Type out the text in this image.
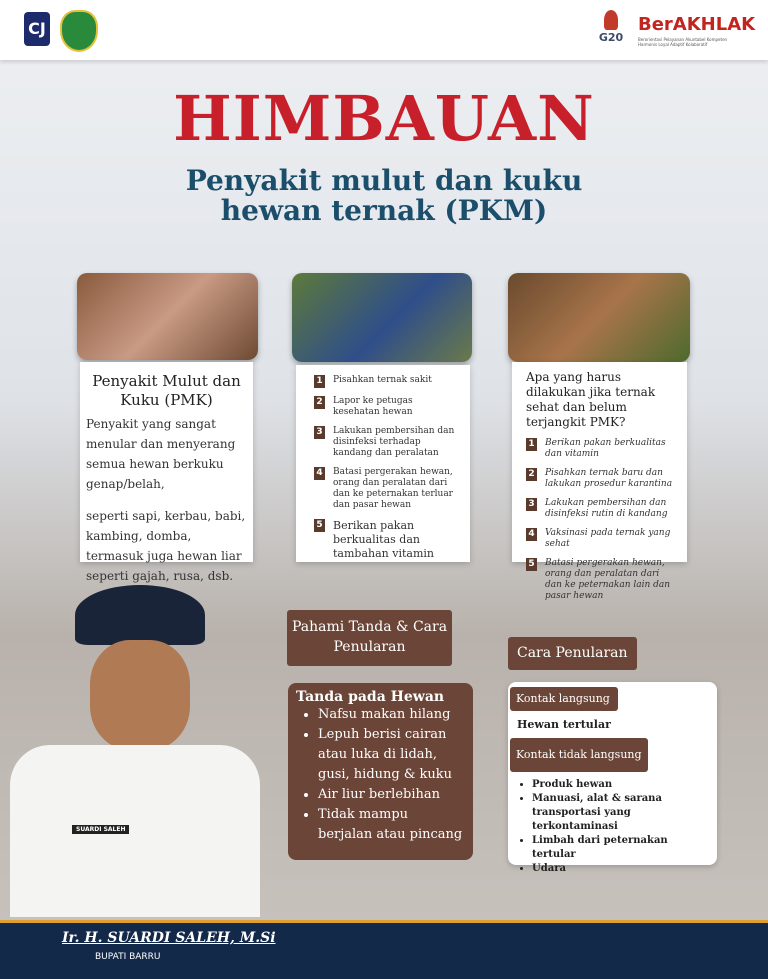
CJ	G20
BerAKHLAK
Berorientasi Pelayanan Akuntabel Kompeten Harmonis Loyal Adaptif Kolaboratif
HIMBAUAN
Penyakit mulut dan kuku
hewan ternak (PKM)
Penyakit Mulut dan Kuku (PMK)
Penyakit yang sangat menular dan menyerang semua hewan berkuku genap/belah,
seperti sapi, kerbau, babi, kambing, domba, termasuk juga hewan liar seperti gajah, rusa, dsb.
1 Pisahkan ternak sakit
2 Lapor ke petugas kesehatan hewan
3 Lakukan pembersihan dan disinfeksi terhadap kandang dan peralatan
4 Batasi pergerakan hewan, orang dan peralatan dari dan ke peternakan terluar dan pasar hewan
5 Berikan pakan berkualitas dan tambahan vitamin
Apa yang harus dilakukan jika ternak sehat dan belum terjangkit PMK?
1 Berikan pakan berkualitas dan vitamin
2 Pisahkan ternak baru dan lakukan prosedur karantina
3 Lakukan pembersihan dan disinfeksi rutin di kandang
4 Vaksinasi pada ternak yang sehat
5 Batasi pergerakan hewan, orang dan peralatan dari dan ke peternakan lain dan pasar hewan
SUARDI SALEH
Pahami Tanda & Cara Penularan
Tanda pada Hewan
• Nafsu makan hilang
• Lepuh berisi cairan atau luka di lidah, gusi, hidung & kuku
• Air liur berlebihan
• Tidak mampu berjalan atau pincang
Cara Penularan
Kontak langsung
Hewan tertular
Kontak tidak langsung :	• Produk hewan
• Manuasi, alat & sarana transportasi yang terkontaminasi
• Limbah dari peternakan tertular
• Udara
Ir. H. SUARDI SALEH, M.Si
BUPATI BARRU
